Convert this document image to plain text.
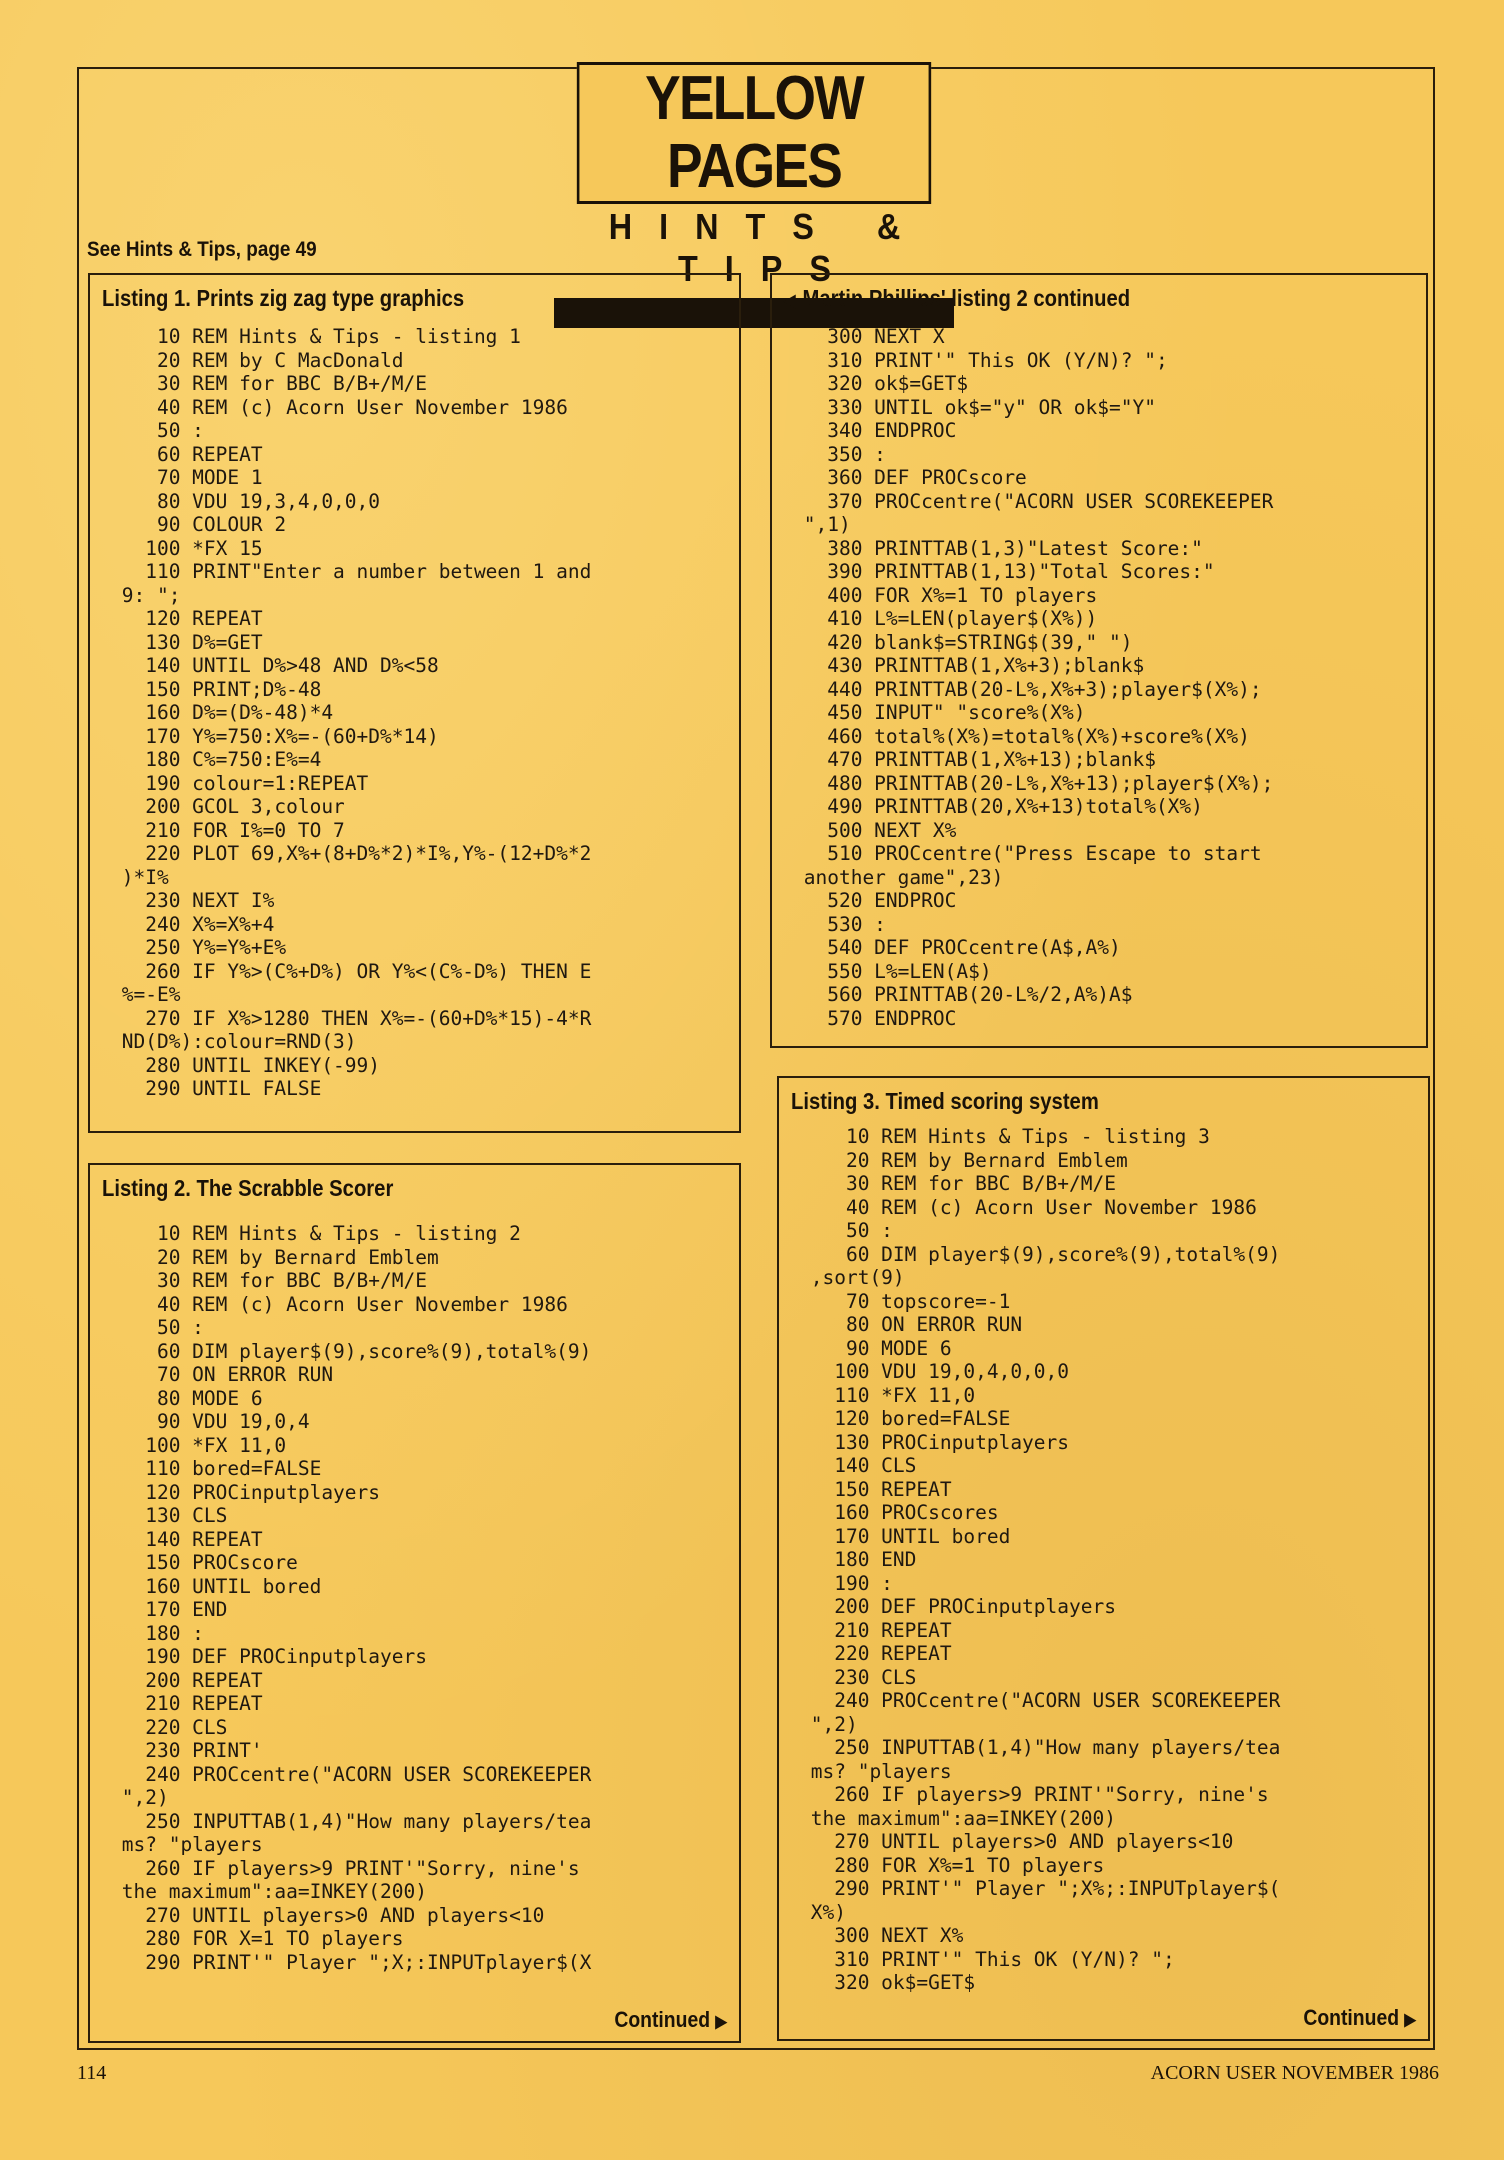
YELLOW PAGES
HINTS & TIPS
See Hints & Tips, page 49
Listing 1. Prints zig zag type graphics
10 REM Hints & Tips - listing 1
20 REM by C MacDonald
30 REM for BBC B/B+/M/E
40 REM (c) Acorn User November 1986
50 :
60 REPEAT
70 MODE 1
80 VDU 19,3,4,0,0,0
90 COLOUR 2
100 *FX 15
110 PRINT"Enter a number between 1 and
9: ";
120 REPEAT
130 D%=GET
140 UNTIL D%>48 AND D%<58
150 PRINT;D%-48
160 D%=(D%-48)*4
170 Y%=750:X%=-(60+D%*14)
180 C%=750:E%=4
190 colour=1:REPEAT
200 GCOL 3,colour
210 FOR I%=0 TO 7
220 PLOT 69,X%+(8+D%*2)*I%,Y%-(12+D%*2
)*I%
230 NEXT I%
240 X%=X%+4
250 Y%=Y%+E%
260 IF Y%>(C%+D%) OR Y%<(C%-D%) THEN E
%=-E%
270 IF X%>1280 THEN X%=-(60+D%*15)-4*R
ND(D%):colour=RND(3)
280 UNTIL INKEY(-99)
290 UNTIL FALSE
Listing 2. The Scrabble Scorer
10 REM Hints & Tips - listing 2
20 REM by Bernard Emblem
30 REM for BBC B/B+/M/E
40 REM (c) Acorn User November 1986
50 :
60 DIM player$(9),score%(9),total%(9)
70 ON ERROR RUN
80 MODE 6
90 VDU 19,0,4
100 *FX 11,0
110 bored=FALSE
120 PROCinputplayers
130 CLS
140 REPEAT
150 PROCscore
160 UNTIL bored
170 END
180 :
190 DEF PROCinputplayers
200 REPEAT
210 REPEAT
220 CLS
230 PRINT'
240 PROCcentre("ACORN USER SCOREKEEPER
",2)
250 INPUTTAB(1,4)"How many players/tea
ms? "players
260 IF players>9 PRINT'"Sorry, nine's
the maximum":aa=INKEY(200)
270 UNTIL players>0 AND players<10
280 FOR X=1 TO players
290 PRINT'" Player ";X;:INPUTplayer$(X
Continued ▶
◀ Martin Phillips' listing 2 continued
300 NEXT X
310 PRINT'" This OK (Y/N)? ";
320 ok$=GET$
330 UNTIL ok$="y" OR ok$="Y"
340 ENDPROC
350 :
360 DEF PROCscore
370 PROCcentre("ACORN USER SCOREKEEPER
",1)
380 PRINTTAB(1,3)"Latest Score:"
390 PRINTTAB(1,13)"Total Scores:"
400 FOR X%=1 TO players
410 L%=LEN(player$(X%))
420 blank$=STRING$(39," ")
430 PRINTTAB(1,X%+3);blank$
440 PRINTTAB(20-L%,X%+3);player$(X%);
450 INPUT" "score%(X%)
460 total%(X%)=total%(X%)+score%(X%)
470 PRINTTAB(1,X%+13);blank$
480 PRINTTAB(20-L%,X%+13);player$(X%);
490 PRINTTAB(20,X%+13)total%(X%)
500 NEXT X%
510 PROCcentre("Press Escape to start
another game",23)
520 ENDPROC
530 :
540 DEF PROCcentre(A$,A%)
550 L%=LEN(A$)
560 PRINTTAB(20-L%/2,A%)A$
570 ENDPROC
Listing 3. Timed scoring system
10 REM Hints & Tips - listing 3
20 REM by Bernard Emblem
30 REM for BBC B/B+/M/E
40 REM (c) Acorn User November 1986
50 :
60 DIM player$(9),score%(9),total%(9)
,sort(9)
70 topscore=-1
80 ON ERROR RUN
90 MODE 6
100 VDU 19,0,4,0,0,0
110 *FX 11,0
120 bored=FALSE
130 PROCinputplayers
140 CLS
150 REPEAT
160 PROCscores
170 UNTIL bored
180 END
190 :
200 DEF PROCinputplayers
210 REPEAT
220 REPEAT
230 CLS
240 PROCcentre("ACORN USER SCOREKEEPER
",2)
250 INPUTTAB(1,4)"How many players/tea
ms? "players
260 IF players>9 PRINT'"Sorry, nine's
the maximum":aa=INKEY(200)
270 UNTIL players>0 AND players<10
280 FOR X%=1 TO players
290 PRINT'" Player ";X%;:INPUTplayer$(
X%)
300 NEXT X%
310 PRINT'" This OK (Y/N)? ";
320 ok$=GET$
Continued ▶
114	ACORN USER NOVEMBER 1986
